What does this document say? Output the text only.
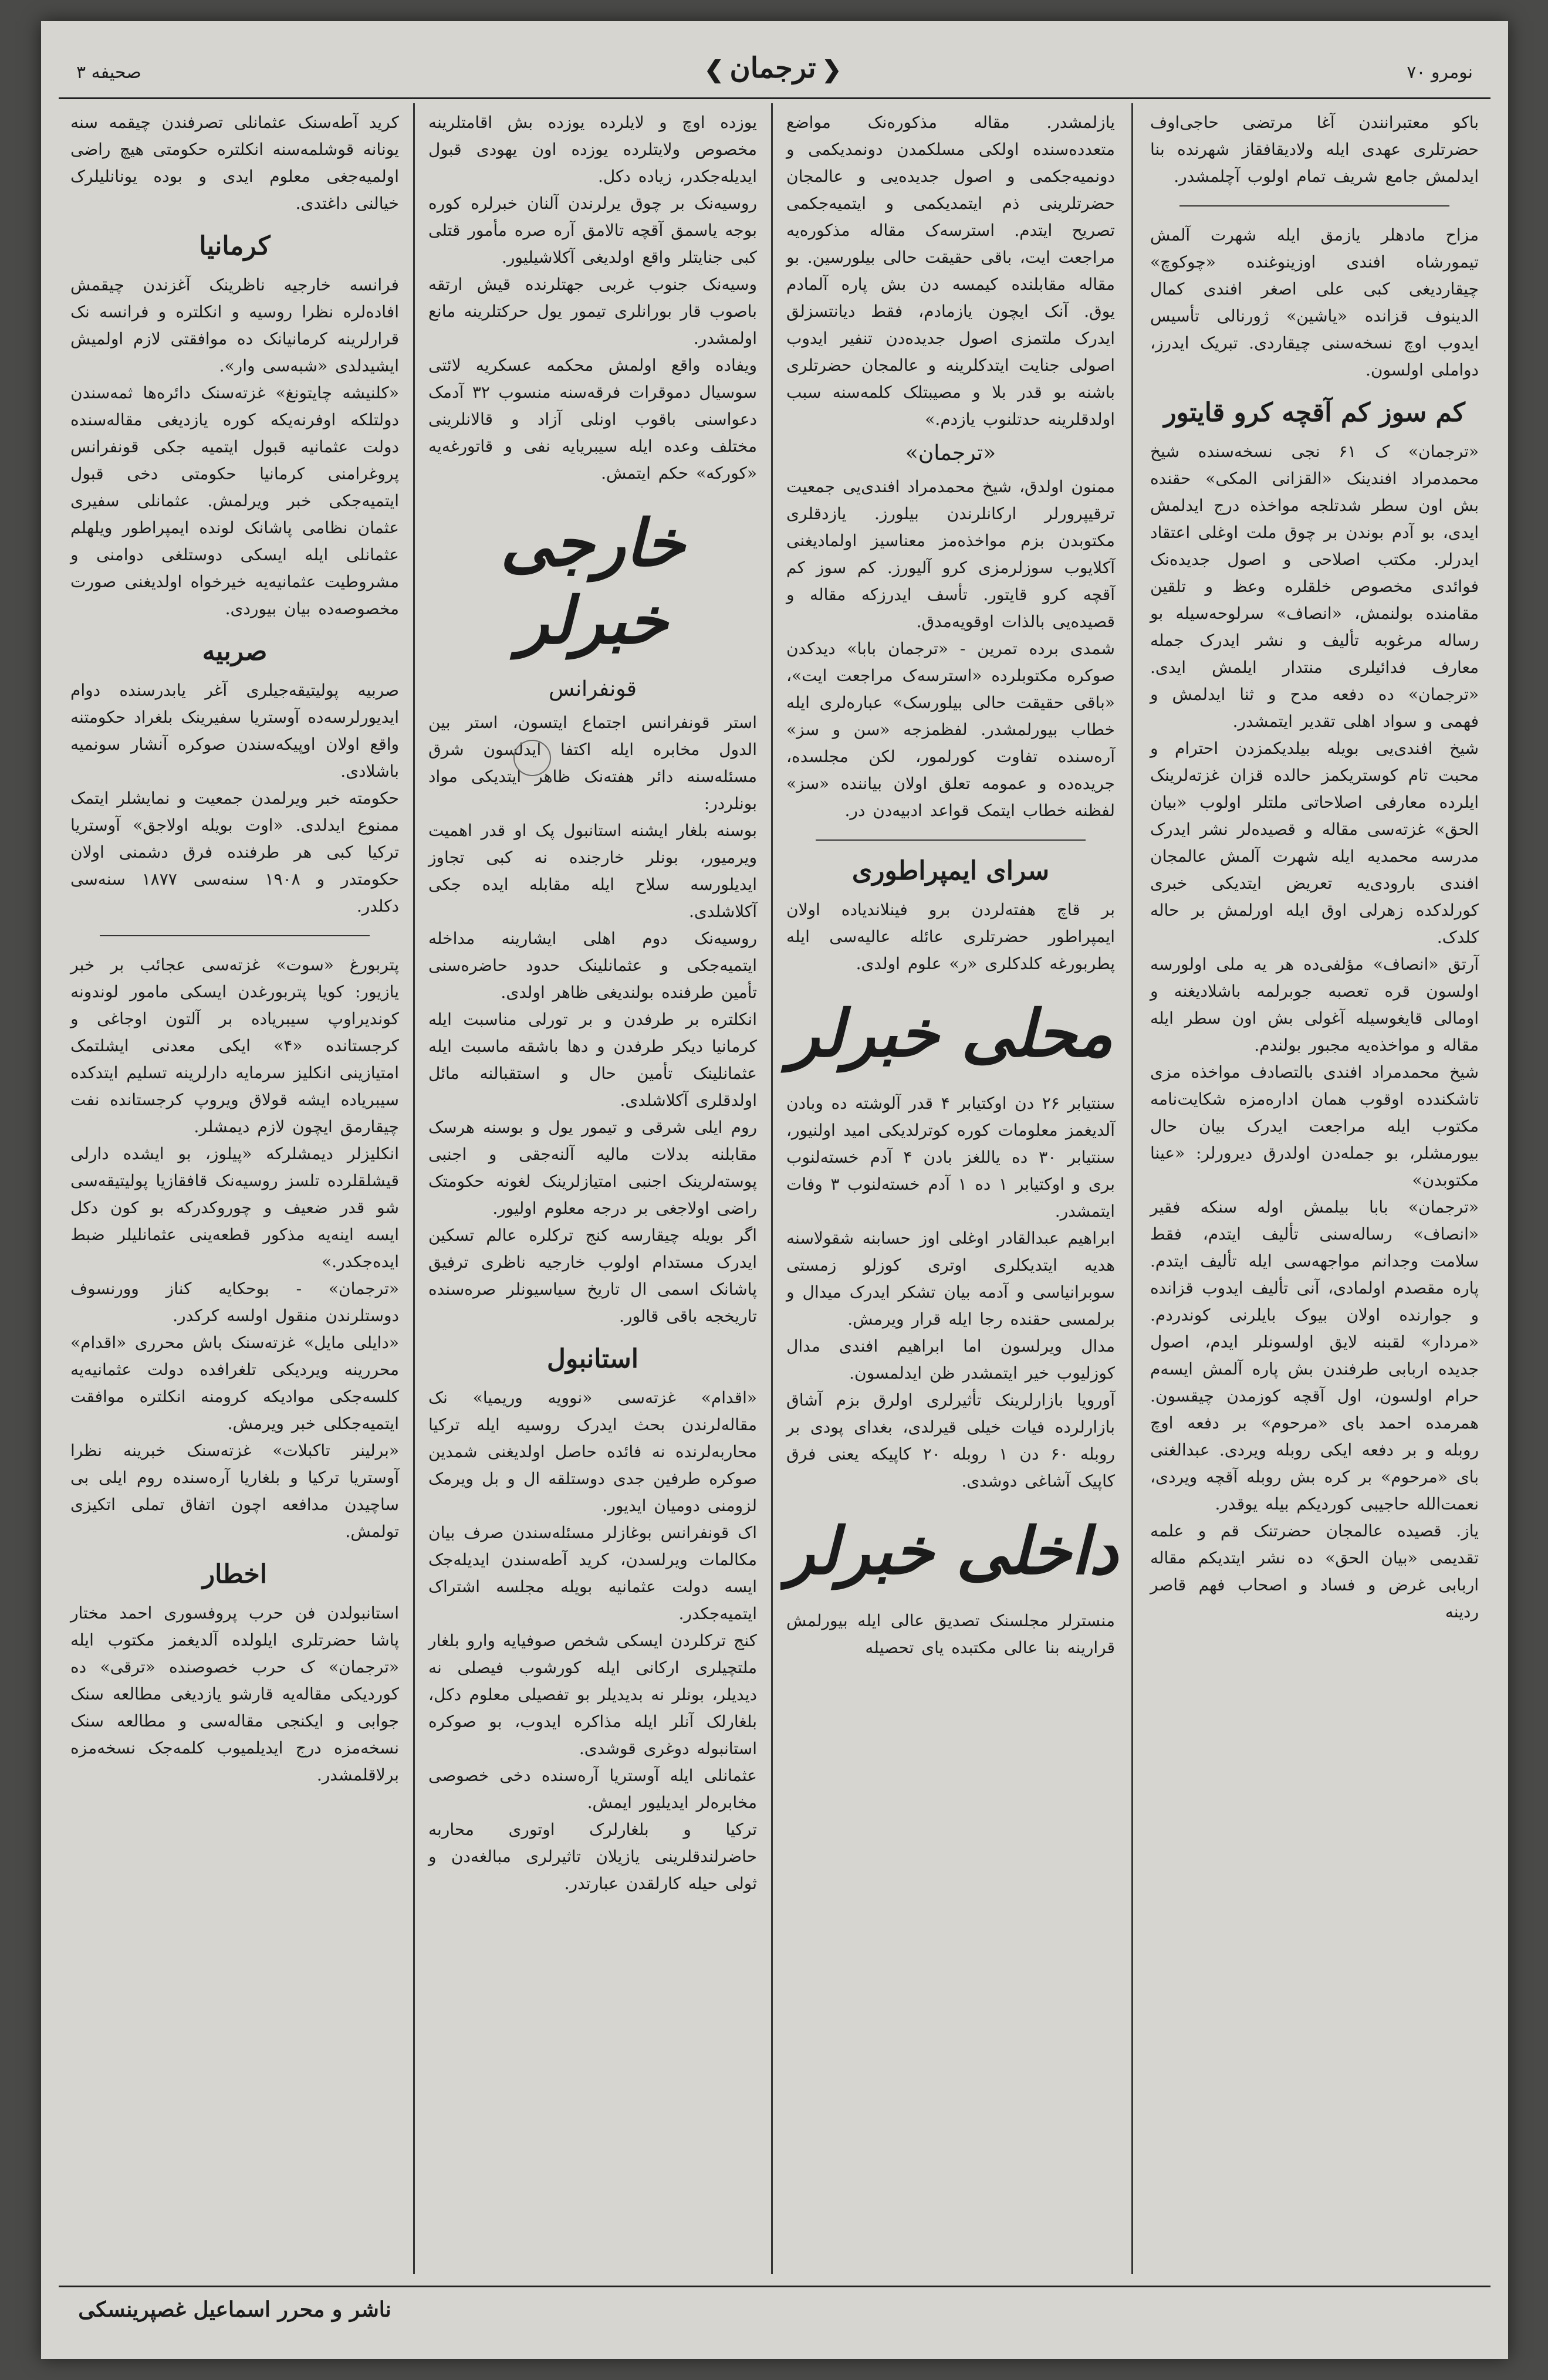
صحیفه ۳	❮ ترجمان ❯	نومرو ۷۰
باکو معتبرانندن آغا مرتضی حاجی‌اوف حضرتلری عهدی ایله ولادیقافقاز شهرنده بنا ایدلمش جامع شریف تمام اولوب آچلمشدر.
مزاح مادهلر یازمق ایله شهرت آلمش تیمورشاه افندی اوزینوغنده «چوکوچ» چیقاردیغی کبی علی اصغر افندی کمال الدینوف قزانده «یاشین» ژورنالی تأسیس ایدوب اوچ نسخه‌سنی چیقاردی. تبریک ایدرز، دواملی اولسون.
کم سوز کم آقچه کرو قایتور
«ترجمان» ک ۶۱ نجی نسخه‌سنده شیخ محمدمراد افندینک «القزانی المکی» حقنده بش اون سطر شدتلجه مواخذه درج ایدلمش ایدی، بو آدم بوندن بر چوق ملت اوغلی اعتقاد ایدرلر. مکتب اصلاحی و اصول جدیده‌نک فوائدی مخصوص خلقلره وعظ و تلقین مقامنده بولنمش، «انصاف» سرلوحه‌سیله بو رساله مرغوبه تألیف و نشر ایدرک جمله معارف فدائیلری منتدار ایلمش ایدی. «ترجمان» ده دفعه مدح و ثنا ایدلمش و فهمی و سواد اهلی تقدیر ایتمشدر.
شیخ افندی‌یی بویله بیلدیکمزدن احترام و محبت تام کوستریکمز حالده قزان غزته‌لرینک ایلرده معارفی اصلاحاتی ملتلر اولوب «بیان الحق» غزته‌سی مقاله و قصیده‌لر نشر ایدرک مدرسه محمدیه ایله شهرت آلمش عالمجان افندی بارودی‌یه تعریض ایتدیکی خبری کورلدکده زهرلی اوق ایله اورلمش بر حاله کلدک.
آرتق «انصاف» مؤلفی‌ده هر یه ملی اولورسه اولسون قره تعصبه جوبرلمه باشلادیغنه و اومالی قایغوسیله آغولی بش اون سطر ایله مقاله و مواخذه‌یه مجبور بولندم.
شیخ محمدمراد افندی بالتصادف مواخذه مزی تاشکندده اوقوب همان اداره‌مزه شکایت‌نامه مکتوب ایله مراجعت ایدرک بیان حال بیورمشلر، بو جمله‌دن اولدرق دیرورلر: «عینا مکتوبدن»
«ترجمان» بابا بیلمش اوله سنکه فقیر «انصاف» رساله‌سنی تألیف ایتدم، فقط سلامت وجدانم مواجهه‌سی ایله تألیف ایتدم. پاره مقصدم اولمادی، آنی تألیف ایدوب قزانده و جوارنده اولان بیوک بایلرنی کوندردم. «مردار» لقبنه لایق اولسونلر ایدم، اصول جدیده اربابی طرفندن بش پاره آلمش ایسه‌م حرام اولسون، اول آقچه کوزمدن چیقسون. همرمده احمد بای «مرحوم» بر دفعه اوچ روبله و بر دفعه ایکی روبله ویردی. عبدالغنی بای «مرحوم» بر کره بش روبله آقچه ویردی، نعمت‌الله حاجیبی کوردیکم بیله یوقدر.
یاز. قصیده عالمجان حضرتنک قم و علمه تقدیمی «بیان الحق» ده نشر ایتدیکم مقاله اربابی غرض و فساد و اصحاب فهم قاصر ردینه
یازلمشدر. مقاله مذکوره‌نک مواضع متعدده‌سنده اولکی مسلکمدن دونمدیکمی و دونمیه‌جکمی و اصول جدیده‌یی و عالمجان حضرتلرینی ذم ایتمدیکمی و ایتمیه‌جکمی تصریح ایتدم. استرسه‌ک مقاله مذکوره‌یه مراجعت ایت، باقی حقیقت حالی بیلورسین. بو مقاله مقابلنده کیمسه دن بش پاره آلمادم یوق. آنک ایچون یازمادم، فقط دیانتسزلق ایدرک ملتمزی اصول جدیده‌دن تنفیر ایدوب اصولی جنایت ایتدکلرینه و عالمجان حضرتلری باشنه بو قدر بلا و مصیبتلک کلمه‌سنه سبب اولدقلرینه حدتلنوب یازدم.»
«ترجمان»
ممنون اولدق، شیخ محمدمراد افندی‌یی جمعیت ترقیپرورلر ارکانلرندن بیلورز. یازدقلری مکتوبدن بزم مواخذه‌مز معناسیز اولمادیغنی آکلایوب سوزلرمزی کرو آلیورز. کم سوز کم آقچه کرو قایتور. تأسف ایدرزکه مقاله و قصیده‌یی بالذات اوقویه‌مدق.
شمدی برده تمرین - «ترجمان بابا» دیدکدن صوکره مکتوبلرده «استرسه‌ک مراجعت ایت»، «باقی حقیقت حالی بیلورسک» عباره‌لری ایله خطاب بیورلمشدر. لفظمزجه «سن و سز» آره‌سنده تفاوت کورلمور، لکن مجلسده، جریده‌ده و عمومه تعلق اولان بیاننده «سز» لفظنه خطاب ایتمک قواعد ادبیه‌دن در.
سرای ایمپراطوری
بر قاچ هفته‌لردن برو فینلاندیاده اولان ایمپراطور حضرتلری عائله عالیه‌سی ایله پطربورغه کلدکلری «ر» علوم اولدی.
محلی خبرلر
سنتیابر ۲۶ دن اوکتیابر ۴ قدر آلوشته ده وبادن آلدیغمز معلومات کوره کوترلدیکی امید اولنیور، سنتیابر ۳۰ ده یاللغز بادن ۴ آدم خسته‌لنوب بری و اوکتیابر ۱ ده ۱ آدم خسته‌لنوب ۳ وفات ایتمشدر.
ابراهیم عبدالقادر اوغلی اوز حسابنه شقولاسنه هدیه ایتدیکلری اوتری کوزلو زمستی سوبرانیاسی و آدمه بیان تشکر ایدرک میدال و برلمسی حقنده رجا ایله قرار ویرمش.
مدال ویرلسون اما ابراهیم افندی مدال کوزلیوب خیر ایتمشدر ظن ایدلمسون.
آورویا بازارلرینک تأثیرلری اولرق بزم آشاق بازارلرده فیات خیلی قیرلدی، بغدای پودی بر روبله ۶۰ دن ۱ روبله ۲۰ کاپیکه یعنی فرق کاپیک آشاغی دوشدی.
داخلی خبرلر
منسترلر مجلسنک تصدیق عالی ایله بیورلمش قرارینه بنا عالی مکتبده یای تحصیله
یوزده اوچ و لایلرده یوزده بش اقامتلرینه مخصوص ولایتلرده یوزده اون یهودی قبول ایدیله‌جکدر، زیاده دکل.
روسیه‌نک بر چوق یرلرندن آلنان خبرلره کوره بوجه یاسمق آقچه تالامق آره صره مأمور قتلی کبی جنایتلر واقع اولدیغی آکلاشیلیور.
وسیه‌نک جنوب غربی جهتلرنده قیش ارتقه باصوب قار بورانلری تیمور یول حرکتلرینه مانع اولمشدر.
ویفاده واقع اولمش محکمه عسکریه لائتی سوسیال دموقرات فرقه‌سنه منسوب ۳۲ آدمک دعواسنی باقوب اونلی آزاد و قالانلرینی مختلف وعده ایله سیبریایه نفی و قاتورغه‌یه «کورکه» حکم ایتمش.
خارجی خبرلر
قونفرانس
استر قونفرانس اجتماع ایتسون، استر بین الدول مخابره ایله اکتفا ایدلسون شرق مسئله‌سنه دائر هفته‌نک ظاهر ایتدیکی مواد بونلردر:
بوسنه بلغار ایشنه استانبول پک او قدر اهمیت ویرمیور، بونلر خارجنده نه کبی تجاوز ایدیلورسه سلاح ایله مقابله ایده جکی آکلاشلدی.
روسیه‌نک دوم اهلی ایشارینه مداخله ایتمیه‌جکی و عثمانلینک حدود حاضره‌سنی تأمین طرفنده بولندیغی ظاهر اولدی.
انکلتره بر طرفدن و بر تورلی مناسبت ایله کرمانیا دیکر طرفدن و دها باشقه ماسبت ایله عثمانلینک تأمین حال و استقبالنه مائل اولدقلری آکلاشلدی.
روم ایلی شرقی و تیمور یول و بوسنه هرسک مقابلنه بدلات مالیه آلنه‌جقی و اجنبی پوسته‌لرینک اجنبی امتیازلرینک لغونه حکومتک راضی اولاجغی بر درجه معلوم اولیور.
اگر بویله چیقارسه کنج ترکلره عالم تسکین ایدرک مستدام اولوب خارجیه ناظری ترفیق پاشانک اسمی ال تاریخ سیاسیونلر صره‌سنده تاریخجه باقی قالور.
استانبول
«اقدام» غزته‌سی «نوویه وریمیا» نک مقاله‌لرندن بحث ایدرک روسیه ایله ترکیا محاربه‌لرنده نه فائده حاصل اولدیغنی شمدین صوکره طرفین جدی دوستلقه ال و بل ویرمک لزومنی دومیان ایدیور.
اک قونفرانس بوغازلر مسئله‌سندن صرف بیان مکالمات ویرلسدن، کرید آطه‌سندن ایدیله‌جک ایسه دولت عثمانیه بویله مجلسه اشتراک ایتمیه‌جکدر.
کنج ترکلردن ایسکی شخص صوفیایه وارو بلغار ملتچیلری ارکانی ایله کورشوب فیصلی نه دیدیلر، بونلر نه بدیدیلر بو تفصیلی معلوم دکل، بلغارلک آنلر ایله مذاکره ایدوب، بو صوکره استانبوله دوغری قوشدی.
عثمانلی ایله آوستریا آره‌سنده دخی خصوصی مخابره‌لر ایدیلیور ایمش.
ترکیا و بلغارلرک اوتوری محاربه حاضرلندقلرینی یازیلان تاثیرلری مبالغه‌دن و ثولی حیله کارلقدن عبارتدر.
کرید آطه‌سنک عثمانلی تصرفندن چیقمه سنه یونانه قوشلمه‌سنه انکلتره حکومتی هیچ راضی اولمیه‌جغی معلوم ایدی و بوده یونانلیلرک خیالنی داغتدی.
کرمانیا
فرانسه خارجیه ناظرینک آغزندن چیقمش افاده‌لره نظرا روسیه و انکلتره و فرانسه نک قرارلرینه کرمانیانک ده موافقتی لازم اولمیش ایشیدلدی «شبه‌سی وار».
«کلنیشه چایتونغ» غزته‌سنک دائره‌ها ثمه‌سندن دولتلکه اوفرنه‌یکه کوره یازدیغی مقاله‌سنده دولت عثمانیه قبول ایتمیه جکی قونفرانس پروغرامنی کرمانیا حکومتی دخی قبول ایتمیه‌جکی خبر ویرلمش. عثمانلی سفیری عثمان نظامی پاشانک لونده ایمپراطور ویلهلم عثمانلی ایله ایسکی دوستلغی دوامنی و مشروطیت عثمانیه‌یه خیرخواه اولدیغنی صورت مخصوصه‌ده بیان بیوردی.
صربیه
صربیه پولیتیقه‌جیلری آغر یابدرسنده دوام ایدیورلرسه‌ده آوستریا سفیرینک بلغراد حکومتنه واقع اولان اوپیکه‌سندن صوکره آنشار سونمیه باشلادی.
حکومته خبر ویرلمدن جمعیت و نمایشلر ایتمک ممنوع ایدلدی. «اوت بویله اولاجق» آوستریا ترکیا کبی هر طرفنده فرق دشمنی اولان حکومتدر و ۱۹۰۸ سنه‌سی ۱۸۷۷ سنه‌سی دکلدر.
پتربورغ «سوت» غزته‌سی عجائب بر خبر یازیور: کویا پتربورغدن ایسکی مامور لوندونه کوندیراوپ سیبریاده بر آلتون اوجاغی و کرجستانده «۴» ایکی معدنی ایشلتمک امتیازینی انکلیز سرمایه دارلرینه تسلیم ایتدکده سیبریاده ایشه قولاق ویروپ کرجستانده نفت چیقارمق ایچون لازم دیمشلر.
انکلیزلر دیمشلرکه «پیلوز، بو ایشده دارلی قیشلقلرده تلسز روسیه‌نک قافقازیا پولیتیقه‌سی شو قدر ضعیف و چوروکدرکه بو کون دکل ایسه اینه‌یه مذکور قطعه‌ینی عثمانلیلر ضبط ایده‌جکدر.»
«ترجمان» - بوحکایه کناز وورنسوف دوستلرندن منقول اولسه کرکدر.
«دایلی مایل» غزته‌سنک باش محرری «اقدام» محررینه ویردیکی تلغرافده دولت عثمانیه‌یه کلسه‌جکی موادیکه کرومنه انکلتره موافقت ایتمیه‌جکلی خبر ویرمش.
«برلینر تاکبلات» غزته‌سنک خبرینه نظرا آوستریا ترکیا و بلغاریا آره‌سنده روم ایلی بی ساچیدن مدافعه اچون اتفاق تملی اتکیزی تولمش.
اخطار
استانبولدن فن حرب پروفسوری احمد مختار پاشا حضرتلری ایلولده آلدیغمز مکتوب ایله «ترجمان» ک حرب خصوصنده «ترقی» ده کوردیکی مقاله‌یه قارشو یازدیغی مطالعه سنک جوابی و ایکنجی مقاله‌سی و مطالعه سنک نسخه‌مزه درج ایدیلمیوب کلمه‌جک نسخه‌مزه برلاقلمشدر.
ناشر و محرر اسماعیل غصپرینسکی
